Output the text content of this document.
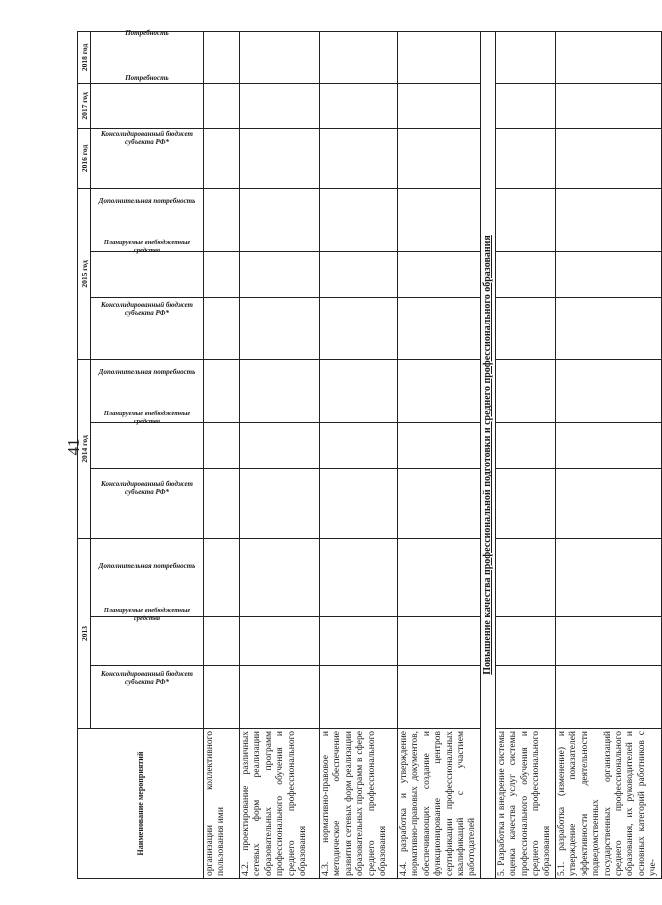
41
Наименование мероприятий	2013			2014 год			2015 год			2016 год	2017 год	2018 год
	Консолидированный бюджет субъекта РФ*	Планируемые внебюджетные средства	Дополнительная потребность	Консолидированный бюджет субъекта РФ*	Планируемые внебюджетные средства	Дополнительная потребность	Консолидированный бюджет субъекта РФ*	Планируемые внебюджетные средства	Дополнительная потребность	Консолидированный бюджет субъекта РФ*	Потребность	Потребность
организации коллективного пользования ими												
4.2. проектирование различных сетевых форм реализации образовательных программ профессионального обучения и среднего профессионального образования												
4.3. нормативно-правовое и методическое обеспечение развития сетевых форм реализации образовательных программ в сфере среднего профессионального образования												
4.4. разработка и утверждение нормативно-правовых документов, обеспечивающих создание и функционирование центров сертификации профессиональных квалификаций с участием работодателей												
Повышение качества профессиональной подготовки и среднего профессионального образования												
5. Разработка и внедрение системы оценка качества услуг системы профессионального обучения и среднего профессионального образования												
5.1. разработка (изменение) и утверждение показателей эффективности деятельности подведомственных государственных организаций среднего профессионального образования, их руководителей и основных категорий работников с уче-												
